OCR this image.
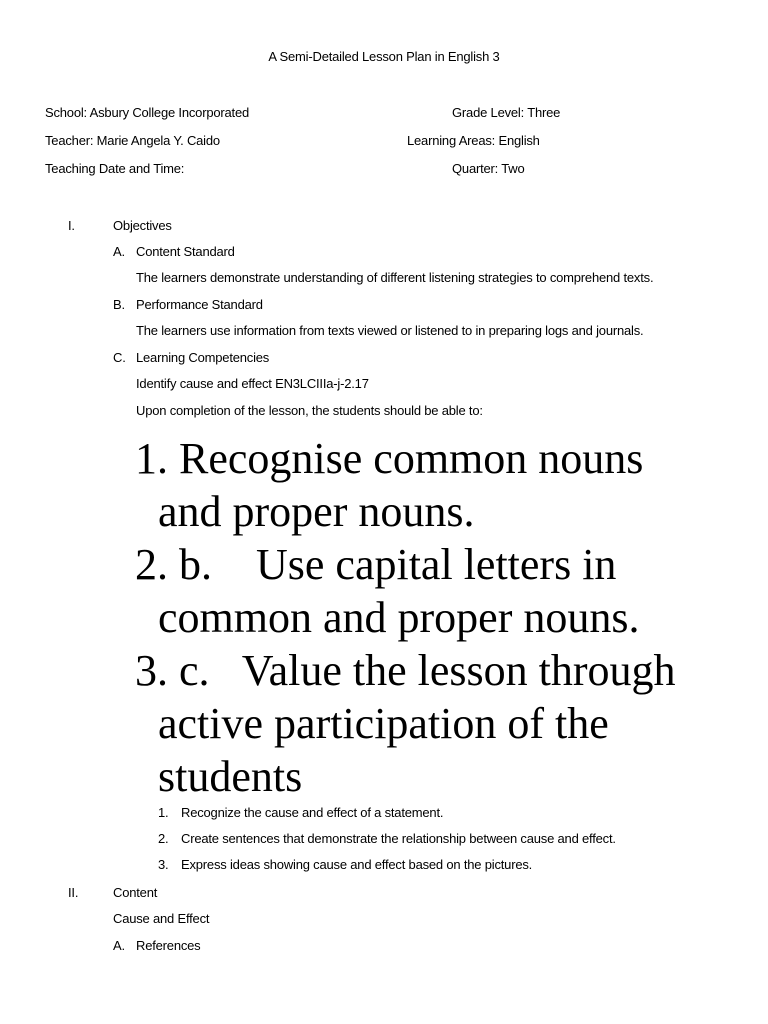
A Semi-Detailed Lesson Plan in English 3
School: Asbury College Incorporated	Grade Level: Three
Teacher: Marie Angela Y. Caido	Learning Areas: English
Teaching Date and Time:	Quarter: Two
I.	Objectives
A. Content Standard
The learners demonstrate understanding of different listening strategies to comprehend texts.
B. Performance Standard
The learners use information from texts viewed or listened to in preparing logs and journals.
C. Learning Competencies
Identify cause and effect EN3LCIIIa-j-2.17
Upon completion of the lesson, the students should be able to:
1. Recognise common nouns
and proper nouns.
2. b.    Use capital letters in
common and proper nouns.
3. c.   Value the lesson through
active participation of the
students
1. Recognize the cause and effect of a statement.
2. Create sentences that demonstrate the relationship between cause and effect.
3. Express ideas showing cause and effect based on the pictures.
II.	Content
Cause and Effect
A. References
